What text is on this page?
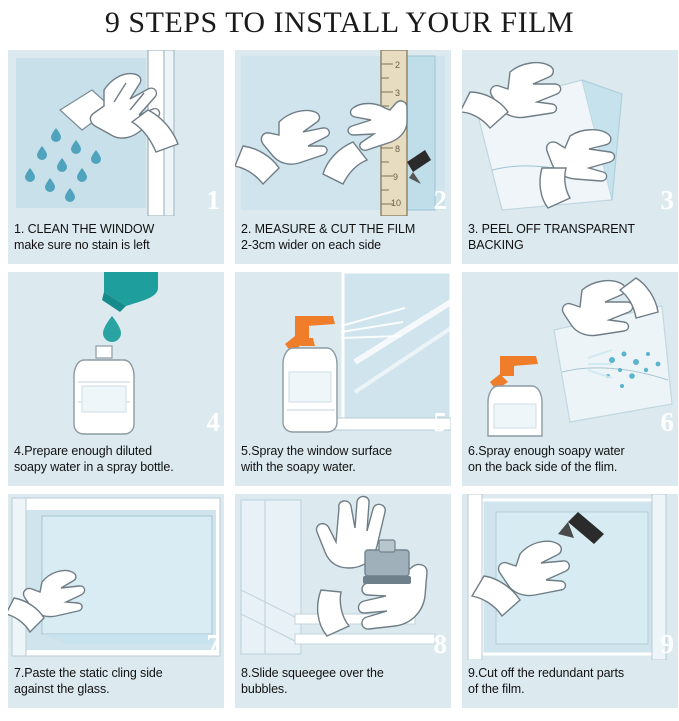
9 STEPS TO INSTALL YOUR FILM
1
1. CLEAN THE WINDOW
make sure no stain is left
2
3
8
9
10 2
2. MEASURE & CUT THE FILM
2-3cm wider on each side
3
3. PEEL OFF TRANSPARENT
BACKING
4
4.Prepare enough diluted
soapy water in a spray bottle.
5
5.Spray the window surface
with the soapy water.
6
6.Spray enough soapy water
on the back side of the flim.
7
7.Paste the static cling side
against the glass.
8
8.Slide squeegee over the
bubbles.
9
9.Cut off the redundant parts
of the film.
